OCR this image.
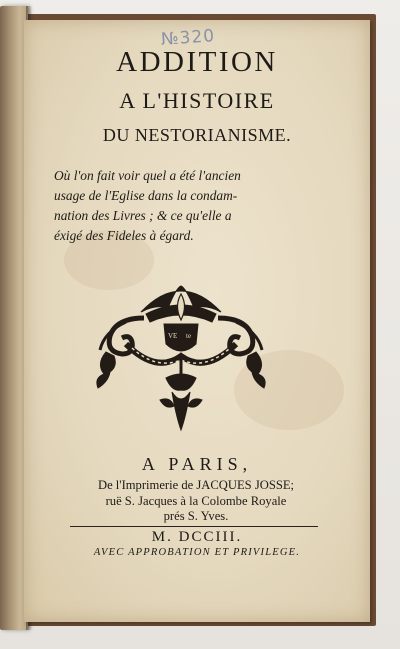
№320
ADDITION
A L'HISTOIRE
DU NESTORIANISME.
Où l'on fait voir quel a été l'ancien
usage de l'Eglise dans la condam-
nation des Livres ; & ce qu'elle a
éxigé des Fideles à égard.
VE te
A PARIS,
De l'Imprimerie de JACQUES JOSSE;
ruë S. Jacques à la Colombe Royale
prés S. Yves.
M. DCCIII.
AVEC APPROBATION ET PRIVILEGE.
